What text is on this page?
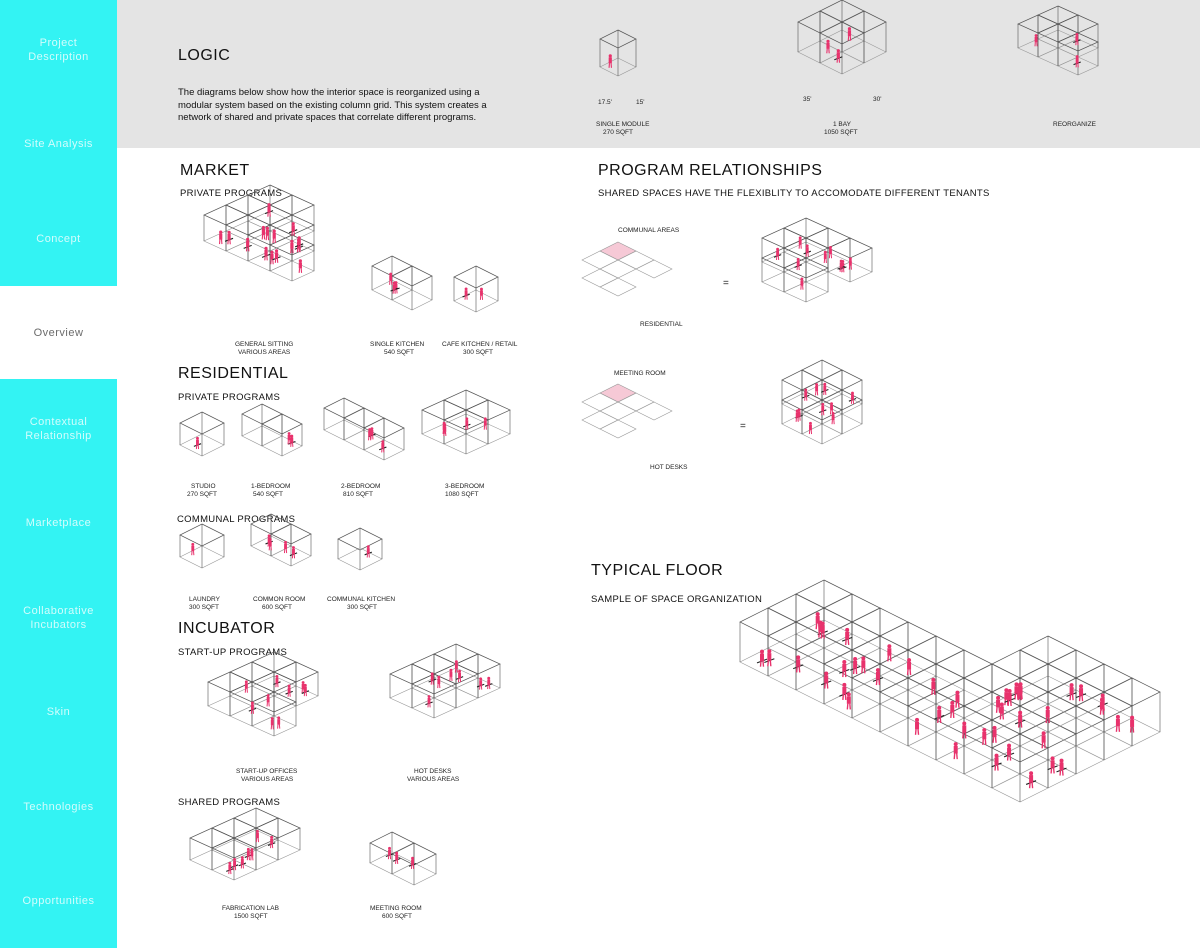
Project
Description
Site Analysis
Concept
Overview
Contextual
Relationship
Marketplace
Collaborative
Incubators
Skin
Technologies
Opportunities
LOGIC
The diagrams below show how the interior space is reorganized using a modular system based on the existing column grid. This system creates a network of shared and private spaces that correlate different programs.
17.5'	15'
SINGLE MODULE
270 SQFT
35'	30'
1 BAY
1050 SQFT
REORGANIZE
MARKET
PRIVATE PROGRAMS
GENERAL SITTING
VARIOUS AREAS
SINGLE KITCHEN
540 SQFT
CAFE KITCHEN / RETAIL
300 SQFT
RESIDENTIAL
PRIVATE PROGRAMS
STUDIO
270 SQFT
1-BEDROOM
540 SQFT
2-BEDROOM
810 SQFT
3-BEDROOM
1080 SQFT
COMMUNAL PROGRAMS
LAUNDRY
300 SQFT
COMMON ROOM
600 SQFT
COMMUNAL KITCHEN
300 SQFT
INCUBATOR
START-UP PROGRAMS
START-UP OFFICES
VARIOUS AREAS
HOT DESKS
VARIOUS AREAS
SHARED PROGRAMS
FABRICATION LAB
1500 SQFT
MEETING ROOM
600 SQFT
PROGRAM RELATIONSHIPS
SHARED SPACES HAVE THE FLEXIBLITY TO ACCOMODATE DIFFERENT TENANTS
COMMUNAL AREAS
RESIDENTIAL
=
MEETING ROOM
HOT DESKS
=
TYPICAL FLOOR
SAMPLE OF SPACE ORGANIZATION
